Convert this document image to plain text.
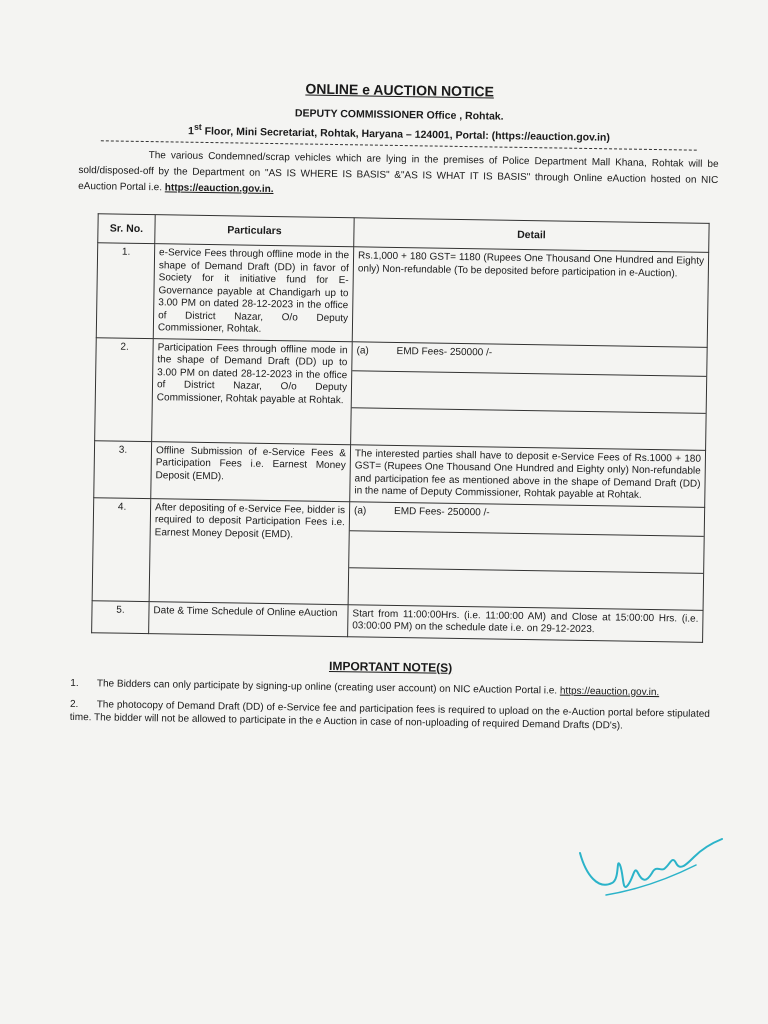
ONLINE e AUCTION NOTICE
DEPUTY COMMISSIONER Office , Rohtak.
1st Floor, Mini Secretariat, Rohtak, Haryana – 124001, Portal: (https://eauction.gov.in)

The various Condemned/scrap vehicles which are lying in the premises of Police Department Mall Khana, Rohtak will be sold/disposed-off by the Department on "AS IS WHERE IS BASIS" &"AS IS WHAT IT IS BASIS" through Online eAuction hosted on NIC eAuction Portal i.e. https://eauction.gov.in.

Sr. No.	Particulars	Detail
1.	e-Service Fees through offline mode in the shape of Demand Draft (DD) in favor of Society for it initiative fund for E-Governance payable at Chandigarh up to 3.00 PM on dated 28-12-2023 in the office of District Nazar, O/o Deputy Commissioner, Rohtak.	Rs.1,000 + 180 GST= 1180 (Rupees One Thousand One Hundred and Eighty only) Non-refundable (To be deposited before participation in e-Auction).
2.	Participation Fees through offline mode in the shape of Demand Draft (DD) up to 3.00 PM on dated 28-12-2023 in the office of District Nazar, O/o Deputy Commissioner, Rohtak payable at Rohtak.	(a) EMD Fees- 250000 /-

3.	Offline Submission of e-Service Fees & Participation Fees i.e. Earnest Money Deposit (EMD).	The interested parties shall have to deposit e-Service Fees of Rs.1000 + 180 GST= (Rupees One Thousand One Hundred and Eighty only) Non-refundable and participation fee as mentioned above in the shape of Demand Draft (DD) in the name of Deputy Commissioner, Rohtak payable at Rohtak.
4.	After depositing of e-Service Fee, bidder is required to deposit Participation Fees i.e. Earnest Money Deposit (EMD).	(a) EMD Fees- 250000 /-

5.	Date & Time Schedule of Online eAuction	Start from 11:00:00Hrs. (i.e. 11:00:00 AM) and Close at 15:00:00 Hrs. (i.e. 03:00:00 PM) on the schedule date i.e. on 29-12-2023.
IMPORTANT NOTE(S)

1. The Bidders can only participate by signing-up online (creating user account) on NIC eAuction Portal i.e. https://eauction.gov.in.

2. The photocopy of Demand Draft (DD) of e-Service fee and participation fees is required to upload on the e-Auction portal before stipulated time. The bidder will not be allowed to participate in the e Auction in case of non-uploading of required Demand Drafts (DD's).
